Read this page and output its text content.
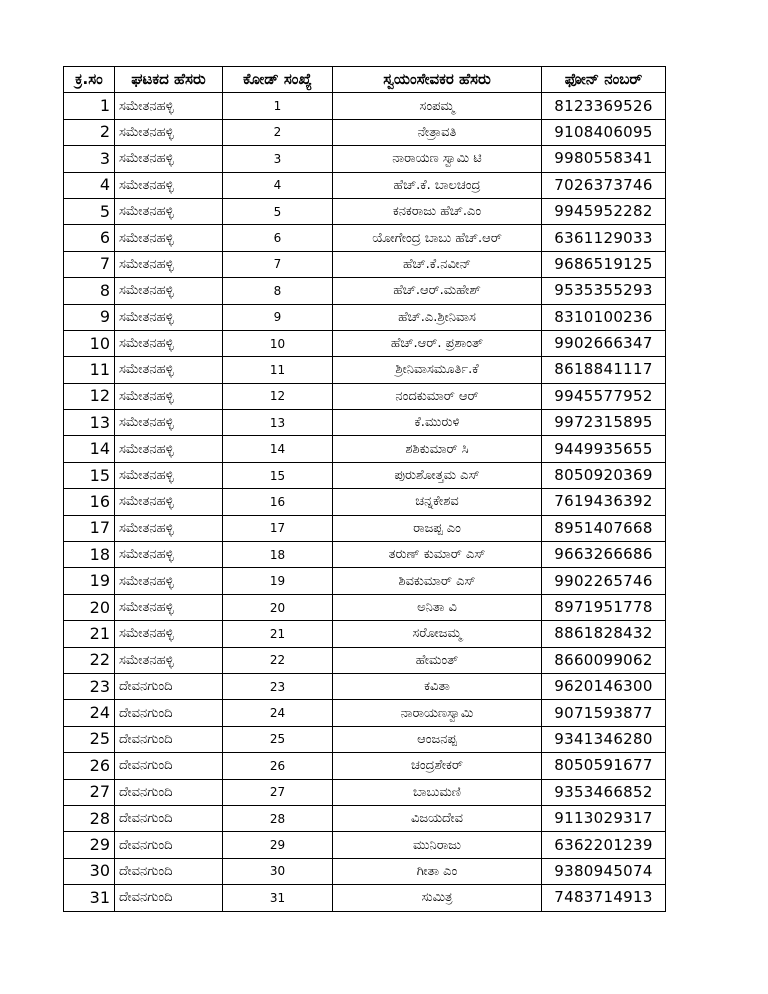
ಕ್ರ.ಸಂ	ಘಟಕದ ಹೆಸರು	ಕೋಡ್ ಸಂಖ್ಯೆ	ಸ್ವಯಂಸೇವಕರ ಹೆಸರು	ಫೋನ್ ನಂಬರ್
1	ಸಮೇತನಹಳ್ಳಿ	1	ಸಂಪಮ್ಮ	8123369526
2	ಸಮೇತನಹಳ್ಳಿ	2	ನೇತ್ರಾವತಿ	9108406095
3	ಸಮೇತನಹಳ್ಳಿ	3	ನಾರಾಯಣ ಸ್ವಾಮಿ ಟಿ	9980558341
4	ಸಮೇತನಹಳ್ಳಿ	4	ಹೆಚ್.ಕೆ. ಬಾಲಚಂದ್ರ	7026373746
5	ಸಮೇತನಹಳ್ಳಿ	5	ಕನಕರಾಜು ಹೆಚ್.ಎಂ	9945952282
6	ಸಮೇತನಹಳ್ಳಿ	6	ಯೋಗೇಂದ್ರ ಬಾಬು ಹೆಚ್.ಆರ್	6361129033
7	ಸಮೇತನಹಳ್ಳಿ	7	ಹೆಚ್.ಕೆ.ನವೀನ್	9686519125
8	ಸಮೇತನಹಳ್ಳಿ	8	ಹೆಚ್.ಆರ್.ಮಹೇಶ್	9535355293
9	ಸಮೇತನಹಳ್ಳಿ	9	ಹೆಚ್.ಎ.ಶ್ರೀನಿವಾಸ	8310100236
10	ಸಮೇತನಹಳ್ಳಿ	10	ಹೆಚ್.ಆರ್. ಪ್ರಶಾಂತ್	9902666347
11	ಸಮೇತನಹಳ್ಳಿ	11	ಶ್ರೀನಿವಾಸಮೂರ್ತಿ.ಕೆ	8618841117
12	ಸಮೇತನಹಳ್ಳಿ	12	ನಂದಕುಮಾರ್ ಆರ್	9945577952
13	ಸಮೇತನಹಳ್ಳಿ	13	ಕೆ.ಮುರುಳಿ	9972315895
14	ಸಮೇತನಹಳ್ಳಿ	14	ಶಶಿಕುಮಾರ್ ಸಿ	9449935655
15	ಸಮೇತನಹಳ್ಳಿ	15	ಪುರುಶೋತ್ತಮ ಎಸ್	8050920369
16	ಸಮೇತನಹಳ್ಳಿ	16	ಚನ್ನಕೇಶವ	7619436392
17	ಸಮೇತನಹಳ್ಳಿ	17	ರಾಜಪ್ಪ ಎಂ	8951407668
18	ಸಮೇತನಹಳ್ಳಿ	18	ತರುಣ್ ಕುಮಾರ್ ಎಸ್	9663266686
19	ಸಮೇತನಹಳ್ಳಿ	19	ಶಿವಕುಮಾರ್ ಎಸ್	9902265746
20	ಸಮೇತನಹಳ್ಳಿ	20	ಅನಿತಾ ವಿ	8971951778
21	ಸಮೇತನಹಳ್ಳಿ	21	ಸರೋಜಮ್ಮ	8861828432
22	ಸಮೇತನಹಳ್ಳಿ	22	ಹೇಮಂತ್	8660099062
23	ದೇವನಗುಂದಿ	23	ಕವಿತಾ	9620146300
24	ದೇವನಗುಂದಿ	24	ನಾರಾಯಣಸ್ವಾಮಿ	9071593877
25	ದೇವನಗುಂದಿ	25	ಆಂಜನಪ್ಪ	9341346280
26	ದೇವನಗುಂದಿ	26	ಚಂದ್ರಶೇಕರ್	8050591677
27	ದೇವನಗುಂದಿ	27	ಬಾಬುಮಣಿ	9353466852
28	ದೇವನಗುಂದಿ	28	ವಿಜಯದೇವ	9113029317
29	ದೇವನಗುಂದಿ	29	ಮುನಿರಾಜು	6362201239
30	ದೇವನಗುಂದಿ	30	ಗೀತಾ ಎಂ	9380945074
31	ದೇವನಗುಂದಿ	31	ಸುಮಿತ್ರ	7483714913
